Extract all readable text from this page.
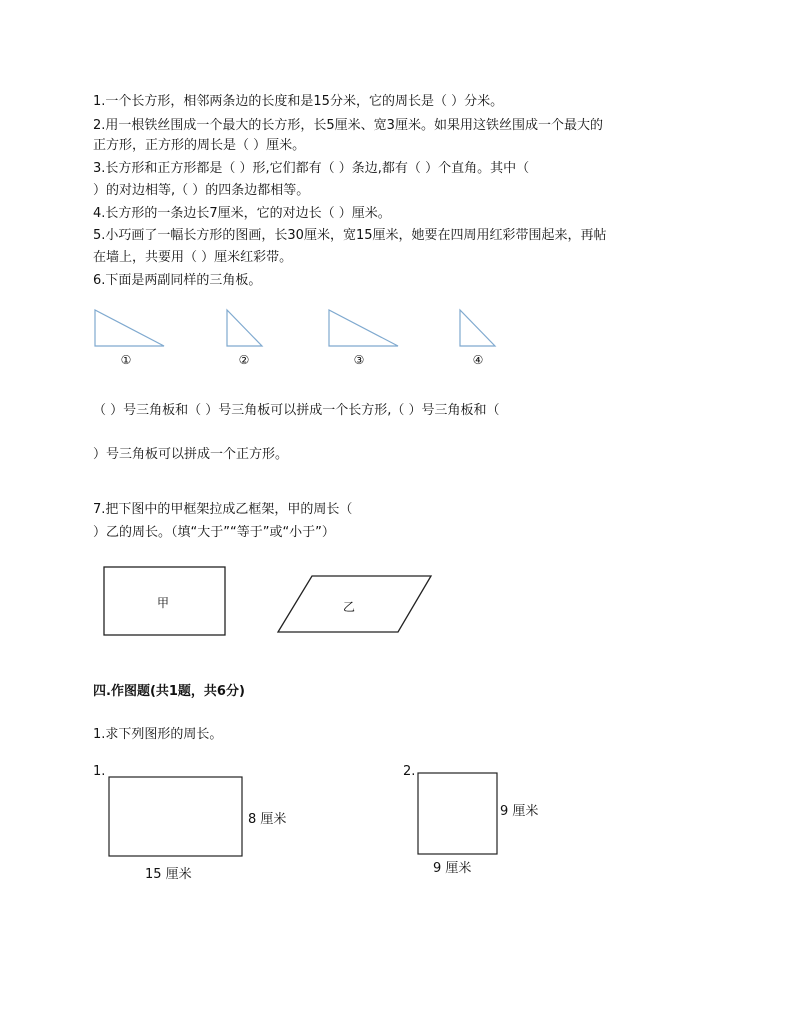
1.一个长方形，相邻两条边的长度和是15分米，它的周长是（ ）分米。
2.用一根铁丝围成一个最大的长方形，长5厘米、宽3厘米。如果用这铁丝围成一个最大的
正方形，正方形的周长是（ ）厘米。
3.长方形和正方形都是（ ）形,它们都有（ ）条边,都有（ ）个直角。其中（
）的对边相等,（ ）的四条边都相等。
4.长方形的一条边长7厘米，它的对边长（ ）厘米。
5.小巧画了一幅长方形的图画，长30厘米，宽15厘米，她要在四周用红彩带围起来，再帖
在墙上，共要用（ ）厘米红彩带。
6.下面是两副同样的三角板。
①	②	③	④
（ ）号三角板和（ ）号三角板可以拼成一个长方形,（ ）号三角板和（
）号三角板可以拼成一个正方形。
7.把下图中的甲框架拉成乙框架，甲的周长（
）乙的周长。（填“大于”“等于”或“小于”）
甲	乙
四.作图题(共1题，共6分)
1.求下列图形的周长。
1.	2.
8 厘米
15 厘米
9 厘米
9 厘米
